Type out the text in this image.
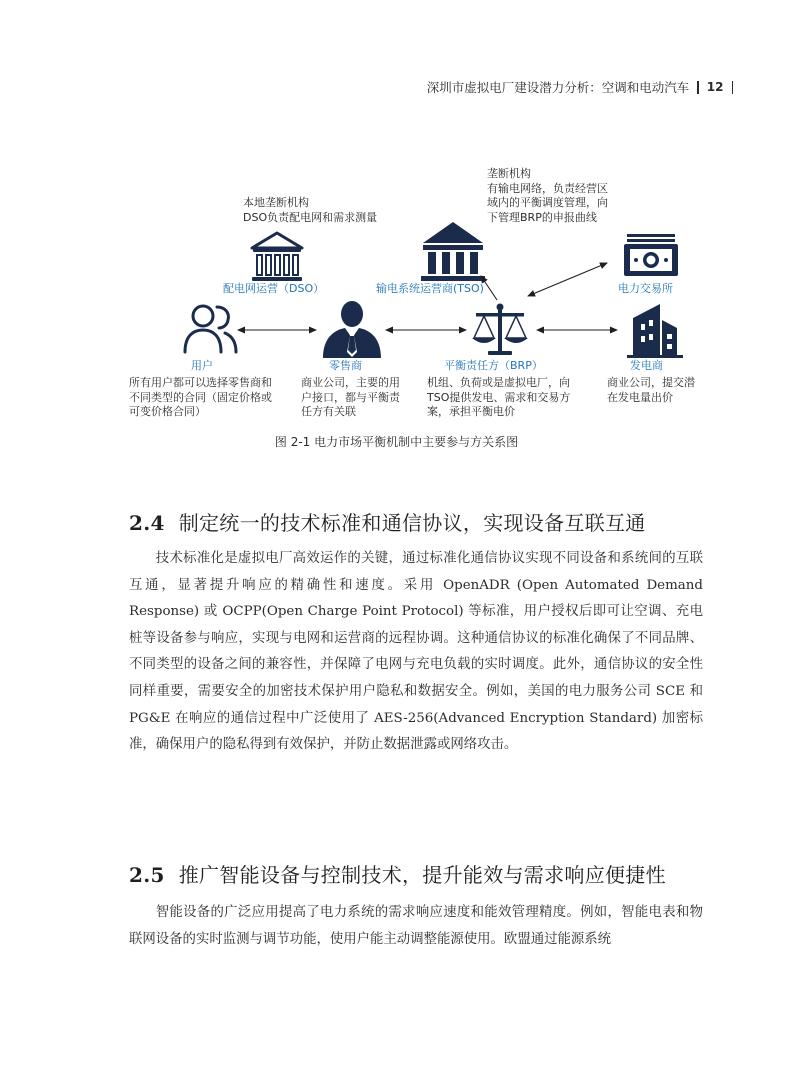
深圳市虚拟电厂建设潜力分析：空调和电动汽车 12
本地垄断机构
DSO负责配电网和需求测量
垄断机构
有输电网络，负责经营区
域内的平衡调度管理，向
下管理BRP的申报曲线
配电网运营（DSO）	输电系统运营商(TSO)	电力交易所
用户	零售商	平衡责任方（BRP）	发电商
所有用户都可以选择零售商和
不同类型的合同（固定价格或
可变价格合同）
商业公司，主要的用
户接口，都与平衡责
任方有关联
机组、负荷或是虚拟电厂，向
TSO提供发电、需求和交易方
案，承担平衡电价
商业公司，提交潜
在发电量出价
图 2-1 电力市场平衡机制中主要参与方关系图
2.4 制定统一的技术标准和通信协议，实现设备互联互通

技术标准化是虚拟电厂高效运作的关键，通过标准化通信协议实现不同设备和系统间的互联互通，显著提升响应的精确性和速度。采用 OpenADR (Open Automated Demand Response) 或 OCPP(Open Charge Point Protocol) 等标准，用户授权后即可让空调、充电桩等设备参与响应，实现与电网和运营商的远程协调。这种通信协议的标准化确保了不同品牌、不同类型的设备之间的兼容性，并保障了电网与充电负载的实时调度。此外，通信协议的安全性同样重要，需要安全的加密技术保护用户隐私和数据安全。例如，美国的电力服务公司 SCE 和 PG&E 在响应的通信过程中广泛使用了 AES-256(Advanced Encryption Standard) 加密标准，确保用户的隐私得到有效保护，并防止数据泄露或网络攻击。

2.5 推广智能设备与控制技术，提升能效与需求响应便捷性

智能设备的广泛应用提高了电力系统的需求响应速度和能效管理精度。例如，智能电表和物联网设备的实时监测与调节功能，使用户能主动调整能源使用。欧盟通过能源系统
